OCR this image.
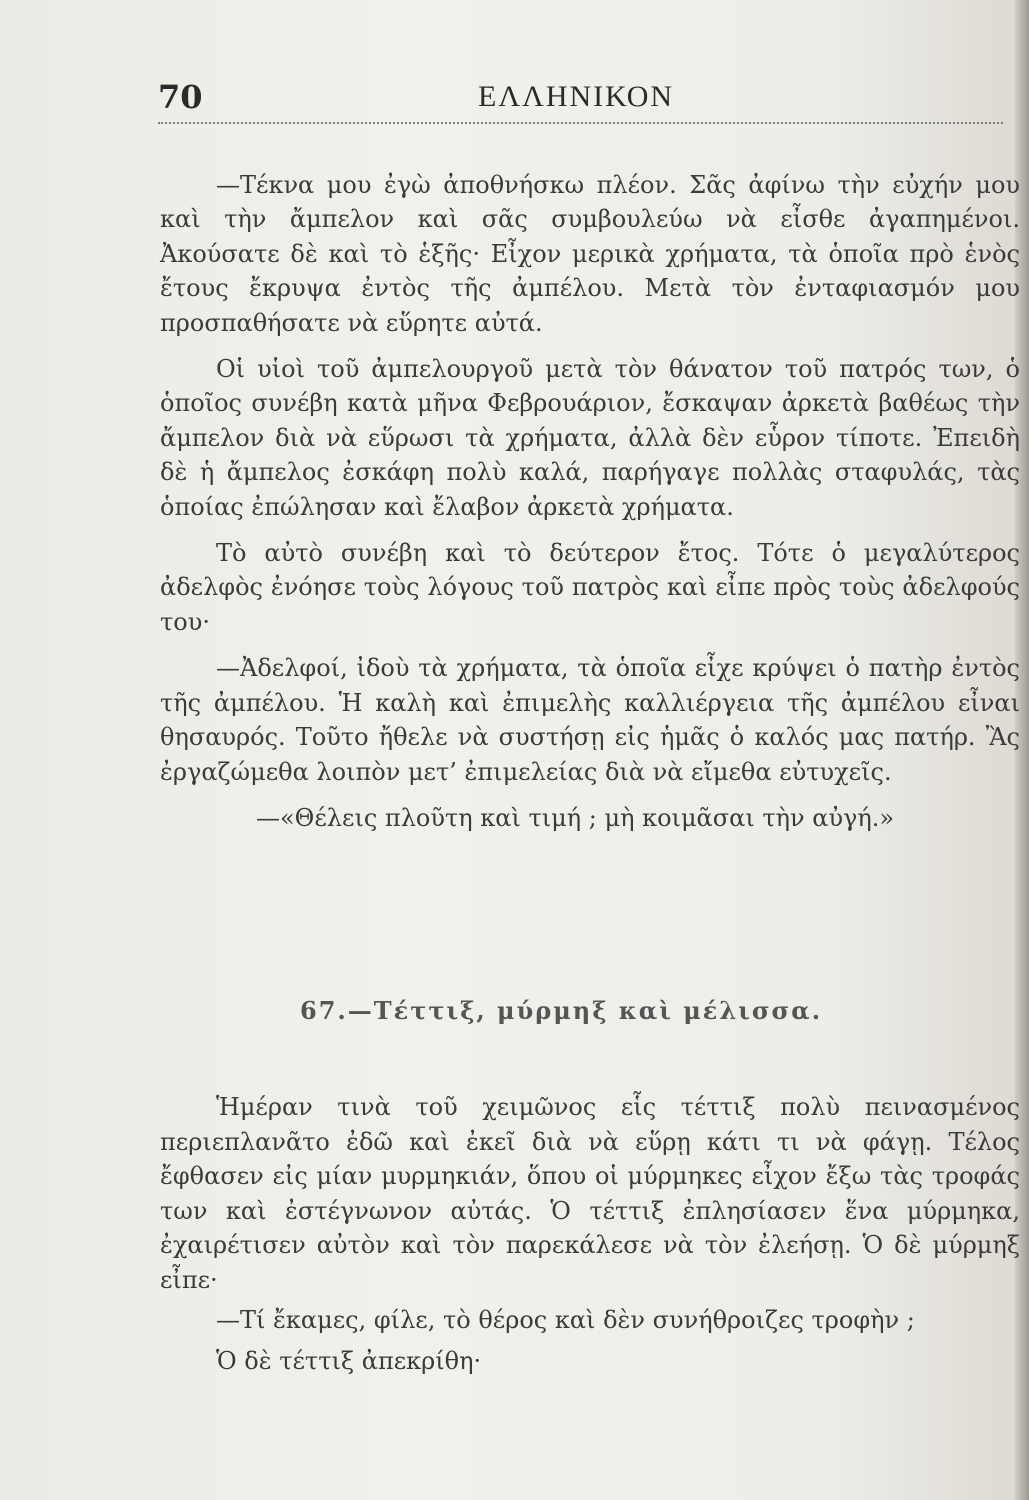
70	ΕΛΛΗΝΙΚΟΝ

—Τέκνα μου ἐγὼ ἀποθνήσκω πλέον. Σᾶς ἀφίνω τὴν εὐχήν μου καὶ τὴν ἄμπελον καὶ σᾶς συμβουλεύω νὰ εἶσθε ἀγαπημένοι. Ἀκούσατε δὲ καὶ τὸ ἑξῆς· Εἶχον μερικὰ χρήματα, τὰ ὁποῖα πρὸ ἑνὸς ἔτους ἔκρυψα ἐντὸς τῆς ἀμπέλου. Μετὰ τὸν ἐνταφιασμόν μου προσπαθήσατε νὰ εὕρητε αὐτά.

Οἱ υἱοὶ τοῦ ἀμπελουργοῦ μετὰ τὸν θάνατον τοῦ πατρός των, ὁ ὁποῖος συνέβη κατὰ μῆνα Φεβρουάριον, ἔσκαψαν ἀρκετὰ βαθέως τὴν ἄμπελον διὰ νὰ εὕρωσι τὰ χρήματα, ἀλλὰ δὲν εὗρον τίποτε. Ἐπειδὴ δὲ ἡ ἄμπελος ἐσκάφη πολὺ καλά, παρήγαγε πολλὰς σταφυλάς, τὰς ὁποίας ἐπώλησαν καὶ ἔλαβον ἀρκετὰ χρήματα.

Τὸ αὐτὸ συνέβη καὶ τὸ δεύτερον ἔτος. Τότε ὁ μεγαλύτερος ἀδελφὸς ἐνόησε τοὺς λόγους τοῦ πατρὸς καὶ εἶπε πρὸς τοὺς ἀδελφούς του·

—Ἀδελφοί, ἰδοὺ τὰ χρήματα, τὰ ὁποῖα εἶχε κρύψει ὁ πατὴρ ἐντὸς τῆς ἀμπέλου. Ἡ καλὴ καὶ ἐπιμελὴς καλλιέργεια τῆς ἀμπέλου εἶναι θησαυρός. Τοῦτο ἤθελε νὰ συστήσῃ εἰς ἡμᾶς ὁ καλός μας πατήρ. Ἂς ἐργαζώμεθα λοιπὸν μετ’ ἐπιμελείας διὰ νὰ εἴμεθα εὐτυχεῖς.

—«Θέλεις πλοῦτη καὶ τιμή ; μὴ κοιμᾶσαι τὴν αὐγή.»

67.—Τέττιξ, μύρμηξ καὶ μέλισσα.

Ἡμέραν τινὰ τοῦ χειμῶνος εἷς τέττιξ πολὺ πεινασμένος περιεπλανᾶτο ἐδῶ καὶ ἐκεῖ διὰ νὰ εὕρῃ κάτι τι νὰ φάγῃ. Τέλος ἔφθασεν εἰς μίαν μυρμηκιάν, ὅπου οἱ μύρμηκες εἶχον ἔξω τὰς τροφάς των καὶ ἐστέγνωνον αὐτάς. Ὁ τέττιξ ἐπλησίασεν ἕνα μύρμηκα, ἐχαιρέτισεν αὐτὸν καὶ τὸν παρεκάλεσε νὰ τὸν ἐλεήσῃ. Ὁ δὲ μύρμηξ εἶπε·

—Τί ἔκαμες, φίλε, τὸ θέρος καὶ δὲν συνήθροιζες τροφὴν ;

Ὁ δὲ τέττιξ ἀπεκρίθη·
